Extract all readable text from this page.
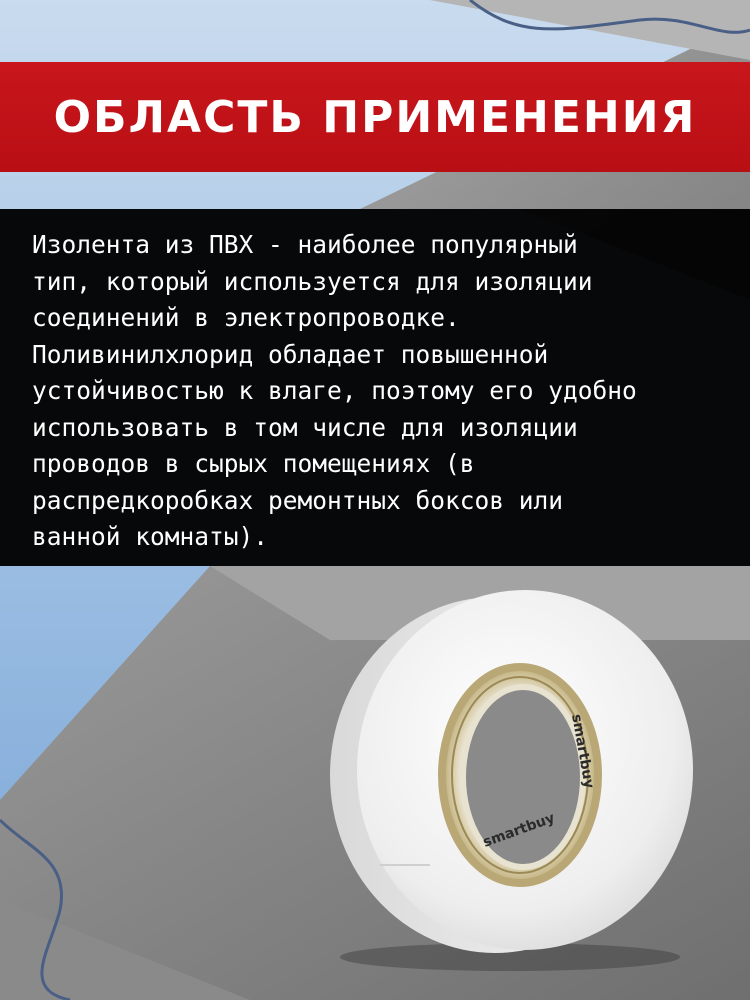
ОБЛАСТЬ ПРИМЕНЕНИЯ

Изолента из ПВХ - наиболее популярный

тип, который используется для изоляции

соединений в электропроводке.

Поливинилхлорид обладает повышенной

устойчивостью к влаге, поэтому его удобно

использовать в том числе для изоляции

проводов в сырых помещениях (в

распредкоробках ремонтных боксов или

ванной комнаты).

smartbuy
smartbuy
